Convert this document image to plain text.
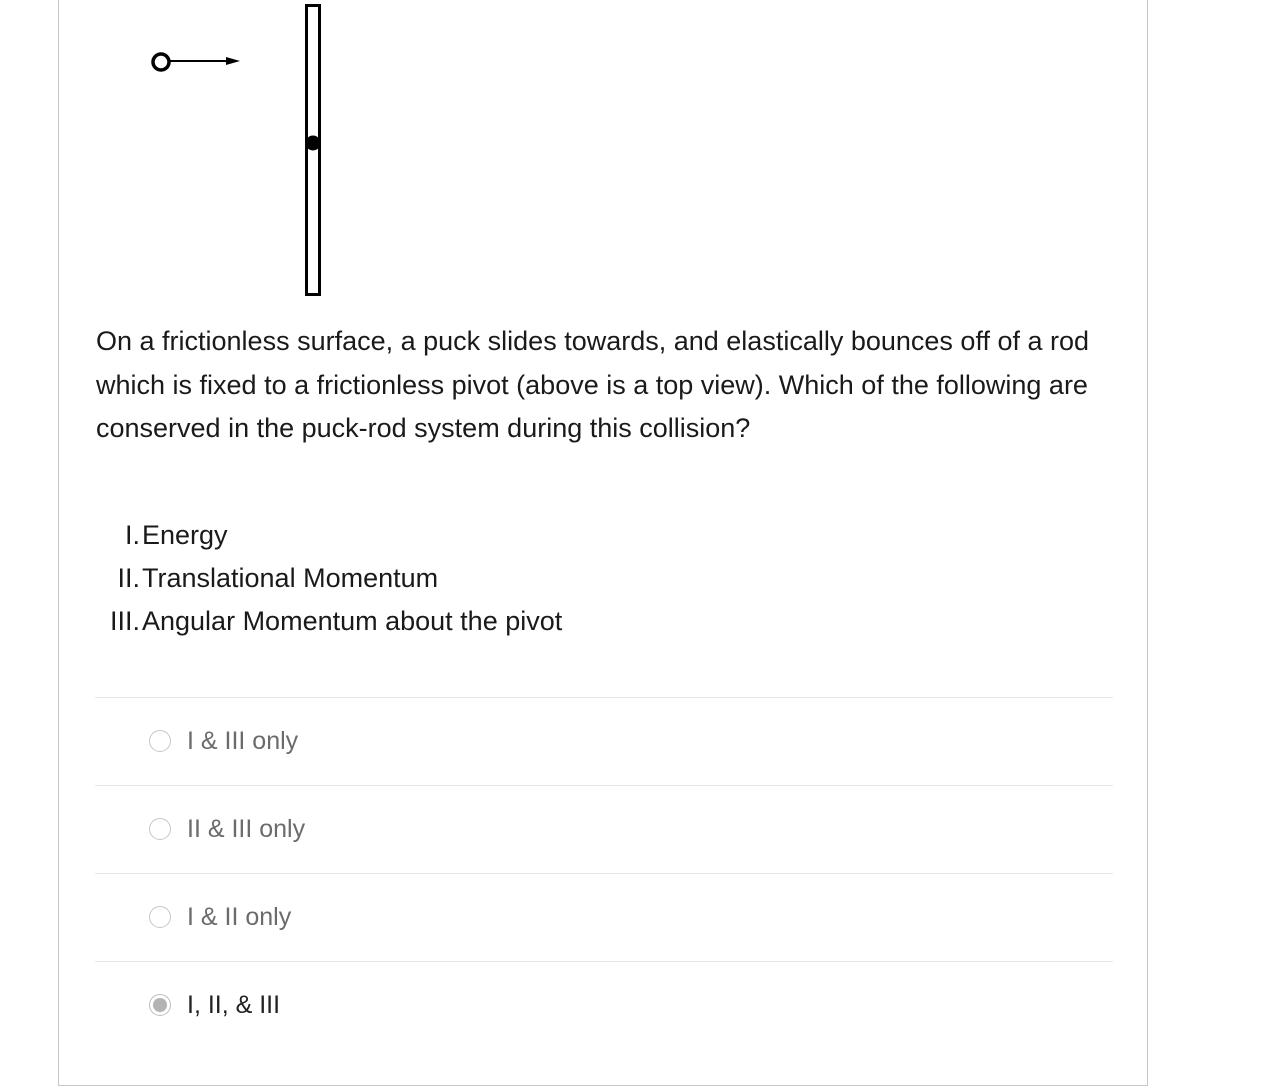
On a frictionless surface, a puck slides towards, and elastically bounces off of a rod which is fixed to a frictionless pivot (above is a top view). Which of the following are conserved in the puck-rod system during this collision?

I. Energy
II. Translational Momentum
III. Angular Momentum about the pivot
I & III only
II & III only
I & II only
I, II, & III
